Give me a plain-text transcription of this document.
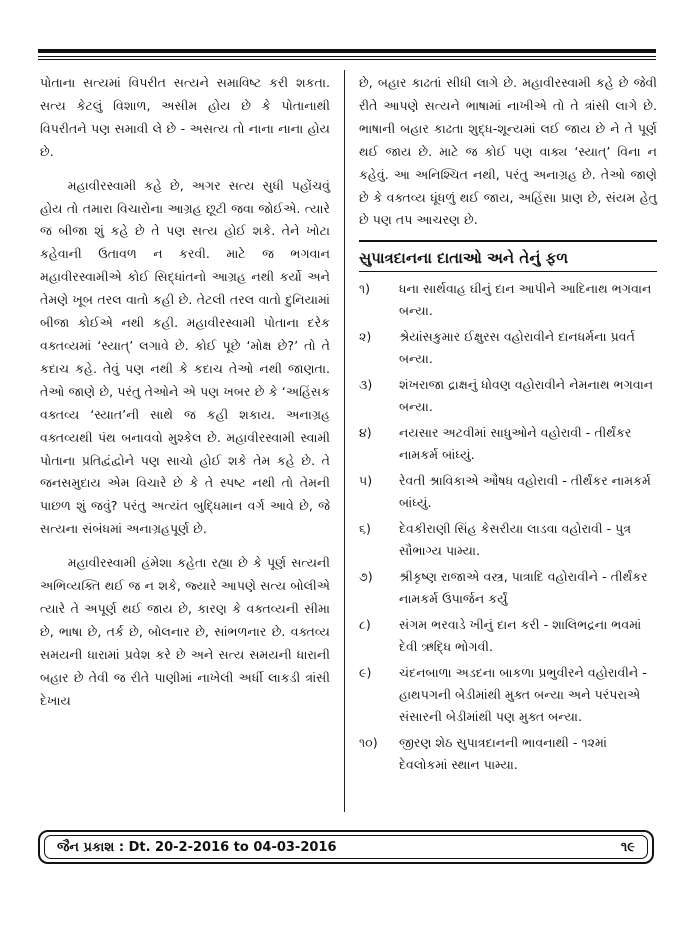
પોતાના સત્યમાં વિપરીત સત્યને સમાવિષ્ટ કરી શકતા. સત્ય કેટલું વિશાળ, અસીમ હોય છે કે પોતાનાથી વિપરીતને પણ સમાવી લે છે - અસત્ય તો નાના નાના હોય છે.

મહાવીરસ્વામી કહે છે, અગર સત્ય સુધી પહોંચવું હોય તો તમારા વિચારોના આગ્રહ છૂટી જવા જોઈએ. ત્યારે જ બીજા શું કહે છે તે પણ સત્ય હોઈ શકે. તેને ખોટા કહેવાની ઉતાવળ ન કરવી. માટે જ ભગવાન મહાવીરસ્વામીએ કોઈ સિદ્ધાંતનો આગ્રહ નથી કર્યો અને તેમણે ખૂબ તરલ વાતો કહી છે. તેટલી તરલ વાતો દુનિયામાં બીજા કોઈએ નથી કહી. મહાવીરસ્વામી પોતાના દરેક વક્તવ્યમાં ‘સ્યાત્’ લગાવે છે. કોઈ પૂછે ‘મોક્ષ છે?’ તો તે કદાચ કહે. તેવું પણ નથી કે કદાચ તેઓ નથી જાણતા. તેઓ જાણે છે, પરંતુ તેઓને એ પણ ખબર છે કે ‘અહિંસક વક્તવ્ય ‘સ્યાત’ની સાથે જ કહી શકાય. અનાગ્રહ વક્તવ્યથી પંથ બનાવવો મુશ્કેલ છે. મહાવીરસ્વામી સ્વામી પોતાના પ્રતિદ્વંદ્વોને પણ સાચો હોઈ શકે તેમ કહે છે. તે જનસમુદાય એમ વિચારે છે કે તે સ્પષ્ટ નથી તો તેમની પાછળ શું જવું? પરંતુ અત્યંત બુદ્ધિમાન વર્ગ આવે છે, જે સત્યના સંબંધમાં અનાગ્રહપૂર્ણ છે.

મહાવીરસ્વામી હંમેશા કહેતા રહ્યા છે કે પૂર્ણ સત્યની અભિવ્યક્તિ થઈ જ ન શકે, જ્યારે આપણે સત્ય બોલીએ ત્યારે તે અપૂર્ણ થઈ જાય છે, કારણ કે વક્તવ્યની સીમા છે, ભાષા છે, તર્ક છે, બોલનાર છે, સાંભળનાર છે. વક્તવ્ય સમયની ધારામાં પ્રવેશ કરે છે અને સત્ય સમયની ધારાની બહાર છે તેવી જ રીતે પાણીમાં નાખેલી અર્ધી લાકડી ત્રાંસી દેખાય

છે, બહાર કાઢતાં સીધી લાગે છે. મહાવીરસ્વામી કહે છે જેવી રીતે આપણે સત્યને ભાષામાં નાખીએ તો તે ત્રાંસી લાગે છે. ભાષાની બહાર કાઢતા શુદ્ધ-શૂન્યમાં લઈ જાય છે ને તે પૂર્ણ થઈ જાય છે. માટે જ કોઈ પણ વાક્ય ‘સ્યાત્’ વિના ન કહેવું. આ અનિશ્ચિત નથી, પરંતુ અનાગ્રહ છે. તેઓ જાણે છે કે વક્તવ્ય ધૂંધળું થઈ જાય, અહિંસા પ્રાણ છે, સંયમ હેતુ છે પણ તપ આચરણ છે.

સુપાત્રદાનના દાતાઓ અને તેનું ફળ
૧)	ધના સાર્થવાહ ઘીનું દાન આપીને આદિનાથ ભગવાન બન્યા.
૨)	શ્રેયાંસકુમાર ઈક્ષુરસ વહોરાવીને દાનધર્મના પ્રવર્ત બન્યા.
૩)	શંખરાજા દ્રાક્ષનું ધોવણ વહોરાવીને નેમનાથ ભગવાન બન્યા.
૪)	નયસાર અટવીમાં સાધુઓને વહોરાવી - તીર્થંકર નામકર્મ બાંધ્યું.
૫)	રેવતી શ્રાવિકાએ ઔષધ વહોરાવી - તીર્થંકર નામકર્મ બાંધ્યું.
૬)	દેવકીરાણી સિંહ કેસરીયા લાડવા વહોરાવી - પુત્ર સૌભાગ્ય પામ્યા.
૭)	શ્રીકૃષ્ણ રાજાએ વસ્ત્ર, પાત્રાદિ વહોરાવીને - તીર્થંકર નામકર્મ ઉપાર્જન કર્યું
૮)	સંગમ ભરવાડે ખીનું દાન કરી - શાલિભદ્રના ભવમાં દેવી ઋદ્ધિ ભોગવી.
૯)	ચંદનબાળા અડદના બાકળા પ્રભુવીરને વહોરાવીને - હાથપગની બેડીમાંથી મુક્ત બન્યા અને પરંપરાએ સંસારની બેડીમાંથી પણ મુક્ત બન્યા.
૧૦)	જીરણ શેઠ સુપાત્રદાનની ભાવનાથી - ૧૨માં દેવલોકમાં સ્થાન પામ્યા.
જૈન પ્રકાશ : Dt. 20-2-2016 to 04-03-2016	૧૯
